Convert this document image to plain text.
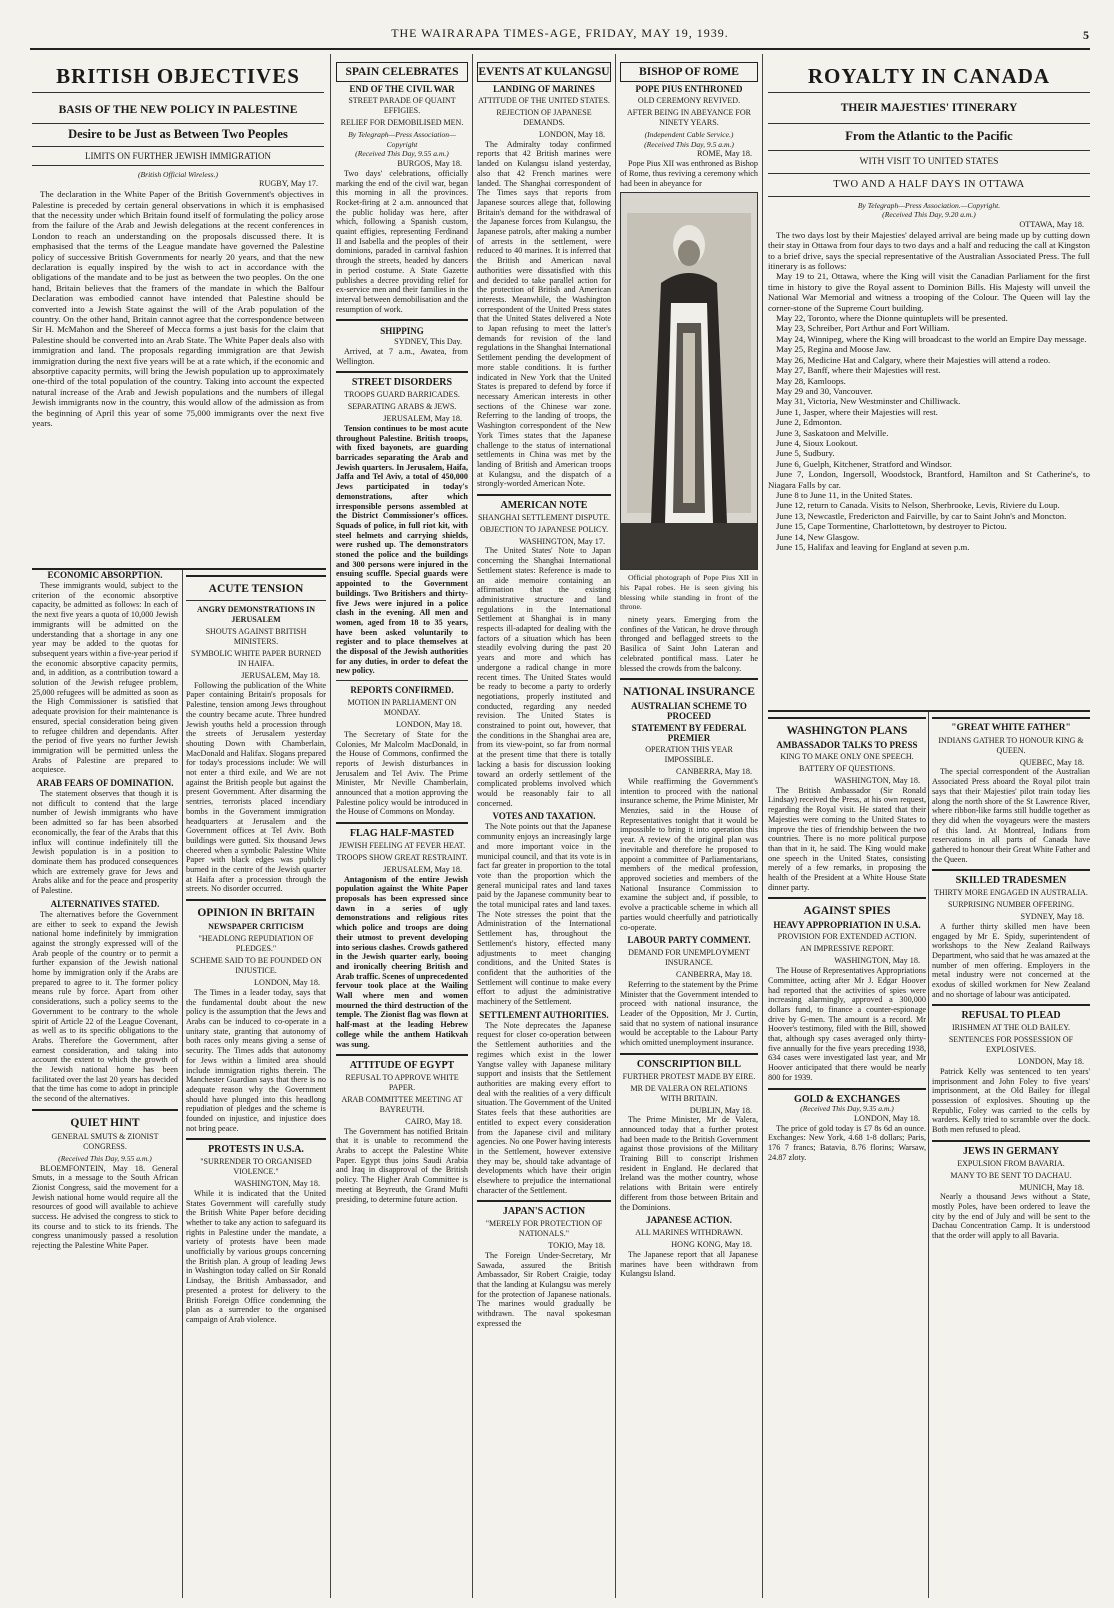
THE WAIRARAPA TIMES-AGE, FRIDAY, MAY 19, 1939.	5
BRITISH OBJECTIVES
BASIS OF THE NEW POLICY IN PALESTINE
Desire to be Just as Between Two Peoples
LIMITS ON FURTHER JEWISH IMMIGRATION
(British Official Wireless.)
RUGBY, May 17.

The declaration in the White Paper of the British Government's objectives in Palestine is preceded by certain general observations in which it is emphasised that the necessity under which Britain found itself of formulating the policy arose from the failure of the Arab and Jewish delegations at the recent conferences in London to reach an understanding on the proposals discussed there. It is emphasised that the terms of the League mandate have governed the Palestine policy of successive British Governments for nearly 20 years, and that the new declaration is equally inspired by the wish to act in accordance with the obligations of the mandate and to be just as between the two peoples. On the one hand, Britain believes that the framers of the mandate in which the Balfour Declaration was embodied cannot have intended that Palestine should be converted into a Jewish State against the will of the Arab population of the country. On the other hand, Britain cannot agree that the correspondence between Sir H. McMahon and the Shereef of Mecca forms a just basis for the claim that Palestine should be converted into an Arab State. The White Paper deals also with immigration and land. The proposals regarding immigration are that Jewish immigration during the next five years will be at a rate which, if the economic and absorptive capacity permits, will bring the Jewish population up to approximately one-third of the total population of the country. Taking into account the expected natural increase of the Arab and Jewish populations and the numbers of illegal Jewish immigrants now in the country, this would allow of the admission as from the beginning of April this year of some 75,000 immigrants over the next five years.

ECONOMIC ABSORPTION.

These immigrants would, subject to the criterion of the economic absorptive capacity, be admitted as follows: In each of the next five years a quota of 10,000 Jewish immigrants will be admitted on the understanding that a shortage in any one year may be added to the quotas for subsequent years within a five-year period if the economic absorptive capacity permits, and, in addition, as a contribution toward a solution of the Jewish refugee problem, 25,000 refugees will be admitted as soon as the High Commissioner is satisfied that adequate provision for their maintenance is ensured, special consideration being given to refugee children and dependants. After the period of five years no further Jewish immigration will be permitted unless the Arabs of Palestine are prepared to acquiesce.

ARAB FEARS OF DOMINATION.

The statement observes that though it is not difficult to contend that the large number of Jewish immigrants who have been admitted so far has been absorbed economically, the fear of the Arabs that this influx will continue indefinitely till the Jewish population is in a position to dominate them has produced consequences which are extremely grave for Jews and Arabs alike and for the peace and prosperity of Palestine.

ALTERNATIVES STATED.

The alternatives before the Government are either to seek to expand the Jewish national home indefinitely by immigration against the strongly expressed will of the Arab people of the country or to permit a further expansion of the Jewish national home by immigration only if the Arabs are prepared to agree to it. The former policy means rule by force. Apart from other considerations, such a policy seems to the Government to be contrary to the whole spirit of Article 22 of the League Covenant, as well as to its specific obligations to the Arabs. Therefore the Government, after earnest consideration, and taking into account the extent to which the growth of the Jewish national home has been facilitated over the last 20 years has decided that the time has come to adopt in principle the second of the alternatives.

QUIET HINT
GENERAL SMUTS & ZIONIST CONGRESS.
(Received This Day, 9.55 a.m.)

BLOEMFONTEIN, May 18. General Smuts, in a message to the South African Zionist Congress, said the movement for a Jewish national home would require all the resources of good will available to achieve success. He advised the congress to stick to its course and to stick to its friends. The congress unanimously passed a resolution rejecting the Palestine White Paper.

ACUTE TENSION
ANGRY DEMONSTRATIONS IN JERUSALEM
SHOUTS AGAINST BRITISH MINISTERS.
SYMBOLIC WHITE PAPER BURNED IN HAIFA.
JERUSALEM, May 18.

Following the publication of the White Paper containing Britain's proposals for Palestine, tension among Jews throughout the country became acute. Three hundred Jewish youths held a procession through the streets of Jerusalem yesterday shouting Down with Chamberlain, MacDonald and Halifax. Slogans prepared for today's processions include: We will not enter a third exile, and We are not against the British people but against the present Government. After disarming the sentries, terrorists placed incendiary bombs in the Government immigration headquarters at Jerusalem and the Government offices at Tel Aviv. Both buildings were gutted. Six thousand Jews cheered when a symbolic Palestine White Paper with black edges was publicly burned in the centre of the Jewish quarter at Haifa after a procession through the streets. No disorder occurred.

OPINION IN BRITAIN
NEWSPAPER CRITICISM
"HEADLONG REPUDIATION OF PLEDGES."
SCHEME SAID TO BE FOUNDED ON INJUSTICE.
LONDON, May 18.

The Times in a leader today, says that the fundamental doubt about the new policy is the assumption that the Jews and Arabs can be induced to co-operate in a unitary state, granting that autonomy of both races only means giving a sense of security. The Times adds that autonomy for Jews within a limited area should include immigration rights therein. The Manchester Guardian says that there is no adequate reason why the Government should have plunged into this headlong repudiation of pledges and the scheme is founded on injustice, and injustice does not bring peace.

PROTESTS IN U.S.A.
"SURRENDER TO ORGANISED VIOLENCE."
WASHINGTON, May 18.

While it is indicated that the United States Government will carefully study the British White Paper before deciding whether to take any action to safeguard its rights in Palestine under the mandate, a variety of protests have been made unofficially by various groups concerning the British plan. A group of leading Jews in Washington today called on Sir Ronald Lindsay, the British Ambassador, and presented a protest for delivery to the British Foreign Office condemning the plan as a surrender to the organised campaign of Arab violence.

SPAIN CELEBRATES
END OF THE CIVIL WAR
STREET PARADE OF QUAINT EFFIGIES.
RELIEF FOR DEMOBILISED MEN.
By Telegraph—Press Association—Copyright
(Received This Day, 9.55 a.m.)
BURGOS, May 18.

Two days' celebrations, officially marking the end of the civil war, began this morning in all the provinces. Rocket-firing at 2 a.m. announced that the public holiday was here, after which, following a Spanish custom, quaint effigies, representing Ferdinand II and Isabella and the peoples of their dominions, paraded in carnival fashion through the streets, headed by dancers in period costume. A State Gazette publishes a decree providing relief for ex-service men and their families in the interval between demobilisation and the resumption of work.

SHIPPING
SYDNEY, This Day.

Arrived, at 7 a.m., Awatea, from Wellington.

STREET DISORDERS
TROOPS GUARD BARRICADES.
SEPARATING ARABS & JEWS.
JERUSALEM, May 18.

Tension continues to be most acute throughout Palestine. British troops, with fixed bayonets, are guarding barricades separating the Arab and Jewish quarters. In Jerusalem, Haifa, Jaffa and Tel Aviv, a total of 450,000 Jews participated in today's demonstrations, after which irresponsible persons assembled at the District Commissioner's offices. Squads of police, in full riot kit, with steel helmets and carrying shields, were rushed up. The demonstrators stoned the police and the buildings and 300 persons were injured in the ensuing scuffle. Special guards were appointed to the Government buildings. Two Britishers and thirty-five Jews were injured in a police clash in the evening. All men and women, aged from 18 to 35 years, have been asked voluntarily to register and to place themselves at the disposal of the Jewish authorities for any duties, in order to defeat the new policy.

REPORTS CONFIRMED.
MOTION IN PARLIAMENT ON MONDAY.
LONDON, May 18.

The Secretary of State for the Colonies, Mr Malcolm MacDonald, in the House of Commons, confirmed the reports of Jewish disturbances in Jerusalem and Tel Aviv. The Prime Minister, Mr Neville Chamberlain, announced that a motion approving the Palestine policy would be introduced in the House of Commons on Monday.

FLAG HALF-MASTED
JEWISH FEELING AT FEVER HEAT.
TROOPS SHOW GREAT RESTRAINT.
JERUSALEM, May 18.

Antagonism of the entire Jewish population against the White Paper proposals has been expressed since dawn in a series of ugly demonstrations and religious rites which police and troops are doing their utmost to prevent developing into serious clashes. Crowds gathered in the Jewish quarter early, booing and ironically cheering British and Arab traffic. Scenes of unprecedented fervour took place at the Wailing Wall where men and women mourned the third destruction of the temple. The Zionist flag was flown at half-mast at the leading Hebrew college while the anthem Hatikvah was sung.

ATTITUDE OF EGYPT
REFUSAL TO APPROVE WHITE PAPER.
ARAB COMMITTEE MEETING AT BAYREUTH.
CAIRO, May 18.

The Government has notified Britain that it is unable to recommend the Arabs to accept the Palestine White Paper. Egypt thus joins Saudi Arabia and Iraq in disapproval of the British policy. The Higher Arab Committee is meeting at Beyreuth, the Grand Mufti presiding, to determine future action.

EVENTS AT KULANGSU
LANDING OF MARINES
ATTITUDE OF THE UNITED STATES.
REJECTION OF JAPANESE DEMANDS.
LONDON, May 18.

The Admiralty today confirmed reports that 42 British marines were landed on Kulangsu island yesterday, also that 42 French marines were landed. The Shanghai correspondent of The Times says that reports from Japanese sources allege that, following Britain's demand for the withdrawal of the Japanese forces from Kulangsu, the Japanese patrols, after making a number of arrests in the settlement, were reduced to 40 marines. It is inferred that the British and American naval authorities were dissatisfied with this and decided to take parallel action for the protection of British and American interests. Meanwhile, the Washington correspondent of the United Press states that the United States delivered a Note to Japan refusing to meet the latter's demands for revision of the land regulations in the Shanghai International Settlement pending the development of more stable conditions. It is further indicated in New York that the United States is prepared to defend by force if necessary American interests in other sections of the Chinese war zone. Referring to the landing of troops, the Washington correspondent of the New York Times states that the Japanese challenge to the status of international settlements in China was met by the landing of British and American troops at Kulangsu, and the dispatch of a strongly-worded American Note.

AMERICAN NOTE
SHANGHAI SETTLEMENT DISPUTE.
OBJECTION TO JAPANESE POLICY.
WASHINGTON, May 17.

The United States' Note to Japan concerning the Shanghai International Settlement states: Reference is made to an aide memoire containing an affirmation that the existing administrative structure and land regulations in the International Settlement at Shanghai is in many respects ill-adapted for dealing with the factors of a situation which has been steadily evolving during the past 20 years and more and which has undergone a radical change in more recent times. The United States would be ready to become a party to orderly negotiations, properly instituted and conducted, regarding any needed revision. The United States is constrained to point out, however, that the conditions in the Shanghai area are, from its view-point, so far from normal at the present time that there is totally lacking a basis for discussion looking toward an orderly settlement of the complicated problems involved which would be reasonably fair to all concerned.

VOTES AND TAXATION.

The Note points out that the Japanese community enjoys an increasingly large and more important voice in the municipal council, and that its vote is in fact far greater in proportion to the total vote than the proportion which the general municipal rates and land taxes paid by the Japanese community bear to the total municipal rates and land taxes. The Note stresses the point that the Administration of the International Settlement has, throughout the Settlement's history, effected many adjustments to meet changing conditions, and the United States is confident that the authorities of the Settlement will continue to make every effort to adjust the administrative machinery of the Settlement.

SETTLEMENT AUTHORITIES.

The Note deprecates the Japanese request for closer co-operation between the Settlement authorities and the regimes which exist in the lower Yangtse valley with Japanese military support and insists that the Settlement authorities are making every effort to deal with the realities of a very difficult situation. The Government of the United States feels that these authorities are entitled to expect every consideration from the Japanese civil and military agencies. No one Power having interests in the Settlement, however extensive they may be, should take advantage of developments which have their origin elsewhere to prejudice the international character of the Settlement.

JAPAN'S ACTION
"MERELY FOR PROTECTION OF NATIONALS."
TOKIO, May 18.

The Foreign Under-Secretary, Mr Sawada, assured the British Ambassador, Sir Robert Craigie, today that the landing at Kulangsu was merely for the protection of Japanese nationals. The marines would gradually be withdrawn. The naval spokesman expressed the

BISHOP OF ROME
POPE PIUS ENTHRONED
OLD CEREMONY REVIVED.
AFTER BEING IN ABEYANCE FOR NINETY YEARS.
(Independent Cable Service.)
(Received This Day, 9.5 a.m.)
ROME, May 18.

Pope Pius XII was enthroned as Bishop of Rome, thus reviving a ceremony which had been in abeyance for

Official photograph of Pope Pius XII in his Papal robes. He is seen giving his blessing while standing in front of the throne.

ninety years. Emerging from the confines of the Vatican, he drove through thronged and beflagged streets to the Basilica of Saint John Lateran and celebrated pontifical mass. Later he blessed the crowds from the balcony.

NATIONAL INSURANCE
AUSTRALIAN SCHEME TO PROCEED
STATEMENT BY FEDERAL PREMIER
OPERATION THIS YEAR IMPOSSIBLE.
CANBERRA, May 18.

While reaffirming the Government's intention to proceed with the national insurance scheme, the Prime Minister, Mr Menzies, said in the House of Representatives tonight that it would be impossible to bring it into operation this year. A review of the original plan was inevitable and therefore he proposed to appoint a committee of Parliamentarians, members of the medical profession, approved societies and members of the National Insurance Commission to examine the subject and, if possible, to evolve a practicable scheme in which all parties would cheerfully and patriotically co-operate.

LABOUR PARTY COMMENT.
DEMAND FOR UNEMPLOYMENT INSURANCE.
CANBERRA, May 18.

Referring to the statement by the Prime Minister that the Government intended to proceed with national insurance, the Leader of the Opposition, Mr J. Curtin, said that no system of national insurance would be acceptable to the Labour Party which omitted unemployment insurance.

CONSCRIPTION BILL
FURTHER PROTEST MADE BY EIRE.
MR DE VALERA ON RELATIONS WITH BRITAIN.
DUBLIN, May 18.

The Prime Minister, Mr de Valera, announced today that a further protest had been made to the British Government against those provisions of the Military Training Bill to conscript Irishmen resident in England. He declared that Ireland was the mother country, whose relations with Britain were entirely different from those between Britain and the Dominions.

JAPANESE ACTION.
ALL MARINES WITHDRAWN.
HONG KONG, May 18.

The Japanese report that all Japanese marines have been withdrawn from Kulangsu Island.

ROYALTY IN CANADA
THEIR MAJESTIES' ITINERARY
From the Atlantic to the Pacific
WITH VISIT TO UNITED STATES
TWO AND A HALF DAYS IN OTTAWA
By Telegraph—Press Association.—Copyright.
(Received This Day, 9.20 a.m.)
OTTAWA, May 18.

The two days lost by their Majesties' delayed arrival are being made up by cutting down their stay in Ottawa from four days to two days and a half and reducing the call at Kingston to a brief drive, says the special representative of the Australian Associated Press. The full itinerary is as follows:

May 19 to 21, Ottawa, where the King will visit the Canadian Parliament for the first time in history to give the Royal assent to Dominion Bills. His Majesty will unveil the National War Memorial and witness a trooping of the Colour. The Queen will lay the corner-stone of the Supreme Court building.

May 22, Toronto, where the Dionne quintuplets will be presented.

May 23, Schreiber, Port Arthur and Fort William.

May 24, Winnipeg, where the King will broadcast to the world an Empire Day message.

May 25, Regina and Moose Jaw.

May 26, Medicine Hat and Calgary, where their Majesties will attend a rodeo.

May 27, Banff, where their Majesties will rest.

May 28, Kamloops.

May 29 and 30, Vancouver.

May 31, Victoria, New Westminster and Chilliwack.

June 1, Jasper, where their Majesties will rest.

June 2, Edmonton.

June 3, Saskatoon and Melville.

June 4, Sioux Lookout.

June 5, Sudbury.

June 6, Guelph, Kitchener, Stratford and Windsor.

June 7, London, Ingersoll, Woodstock, Brantford, Hamilton and St Catherine's, to Niagara Falls by car.

June 8 to June 11, in the United States.

June 12, return to Canada. Visits to Nelson, Sherbrooke, Levis, Riviere du Loup.

June 13, Newcastle, Fredericton and Fairville, by car to Saint John's and Moncton.

June 15, Cape Tormentine, Charlottetown, by destroyer to Pictou.

June 14, New Glasgow.

June 15, Halifax and leaving for England at seven p.m.

WASHINGTON PLANS
AMBASSADOR TALKS TO PRESS
KING TO MAKE ONLY ONE SPEECH.
BATTERY OF QUESTIONS.
WASHINGTON, May 18.

The British Ambassador (Sir Ronald Lindsay) received the Press, at his own request, regarding the Royal visit. He stated that their Majesties were coming to the United States to improve the ties of friendship between the two countries. There is no more political purpose than that in it, he said. The King would make one speech in the United States, consisting merely of a few remarks, in proposing the health of the President at a White House State dinner party.

AGAINST SPIES
HEAVY APPROPRIATION IN U.S.A.
PROVISION FOR EXTENDED ACTION.
AN IMPRESSIVE REPORT.
WASHINGTON, May 18.

The House of Representatives Appropriations Committee, acting after Mr J. Edgar Hoover had reported that the activities of spies were increasing alarmingly, approved a 300,000 dollars fund, to finance a counter-espionage drive by G-men. The amount is a record. Mr Hoover's testimony, filed with the Bill, showed that, although spy cases averaged only thirty-five annually for the five years preceding 1938, 634 cases were investigated last year, and Mr Hoover anticipated that there would be nearly 800 for 1939.

GOLD & EXCHANGES
(Received This Day, 9.35 a.m.)
LONDON, May 18.

The price of gold today is £7 8s 6d an ounce. Exchanges: New York, 4.68 1-8 dollars; Paris, 176 7 francs; Batavia, 8.76 florins; Warsaw, 24.87 zloty.

"GREAT WHITE FATHER"
INDIANS GATHER TO HONOUR KING & QUEEN.
QUEBEC, May 18.

The special correspondent of the Australian Associated Press aboard the Royal pilot train says that their Majesties' pilot train today lies along the north shore of the St Lawrence River, where ribbon-like farms still huddle together as they did when the voyageurs were the masters of this land. At Montreal, Indians from reservations in all parts of Canada have gathered to honour their Great White Father and the Queen.

SKILLED TRADESMEN
THIRTY MORE ENGAGED IN AUSTRALIA.
SURPRISING NUMBER OFFERING.
SYDNEY, May 18.

A further thirty skilled men have been engaged by Mr E. Spidy, superintendent of workshops to the New Zealand Railways Department, who said that he was amazed at the number of men offering. Employers in the metal industry were not concerned at the exodus of skilled workmen for New Zealand and no shortage of labour was anticipated.

REFUSAL TO PLEAD
IRISHMEN AT THE OLD BAILEY.
SENTENCES FOR POSSESSION OF EXPLOSIVES.
LONDON, May 18.

Patrick Kelly was sentenced to ten years' imprisonment and John Foley to five years' imprisonment, at the Old Bailey for illegal possession of explosives. Shouting up the Republic, Foley was carried to the cells by warders. Kelly tried to scramble over the dock. Both men refused to plead.

JEWS IN GERMANY
EXPULSION FROM BAVARIA.
MANY TO BE SENT TO DACHAU.
MUNICH, May 18.

Nearly a thousand Jews without a State, mostly Poles, have been ordered to leave the city by the end of July and will be sent to the Dachau Concentration Camp. It is understood that the order will apply to all Bavaria.
